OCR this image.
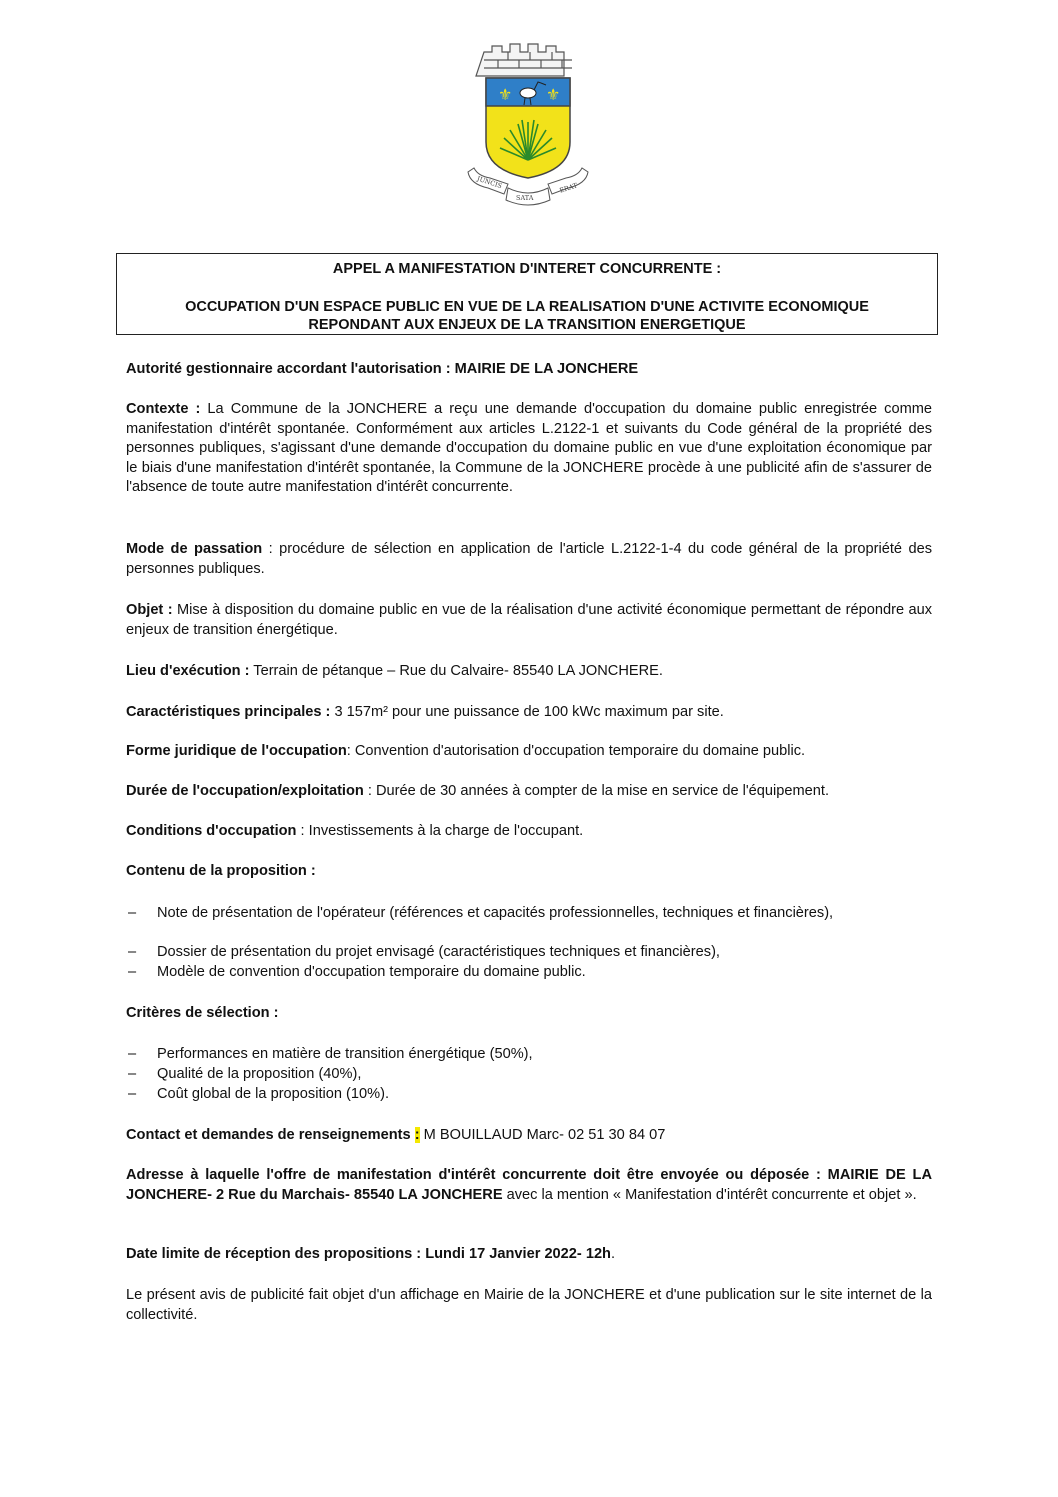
⚜ ⚜
JUNCIS
SATA
ERAT
APPEL A MANIFESTATION D'INTERET CONCURRENTE :
OCCUPATION D'UN ESPACE PUBLIC EN VUE DE LA REALISATION D'UNE ACTIVITE ECONOMIQUE
REPONDANT AUX ENJEUX DE LA TRANSITION ENERGETIQUE

Autorité gestionnaire accordant l'autorisation : MAIRIE DE LA JONCHERE

Contexte : La Commune de la JONCHERE a reçu une demande d'occupation du domaine public enregistrée comme manifestation d'intérêt spontanée. Conformément aux articles L.2122-1 et suivants du Code général de la propriété des personnes publiques, s'agissant d'une demande d'occupation du domaine public en vue d'une exploitation économique par le biais d'une manifestation d'intérêt spontanée, la Commune de la JONCHERE procède à une publicité afin de s'assurer de l'absence de toute autre manifestation d'intérêt concurrente.

Mode de passation : procédure de sélection en application de l'article L.2122-1-4 du code général de la propriété des personnes publiques.

Objet : Mise à disposition du domaine public en vue de la réalisation d'une activité économique permettant de répondre aux enjeux de transition énergétique.

Lieu d'exécution : Terrain de pétanque – Rue du Calvaire- 85540 LA JONCHERE.

Caractéristiques principales : 3 157m² pour une puissance de 100 kWc maximum par site.

Forme juridique de l'occupation: Convention d'autorisation d'occupation temporaire du domaine public.

Durée de l'occupation/exploitation : Durée de 30 années à compter de la mise en service de l'équipement.

Conditions d'occupation : Investissements à la charge de l'occupant.

Contenu de la proposition :

– Note de présentation de l'opérateur (références et capacités professionnelles, techniques et financières),
– Dossier de présentation du projet envisagé (caractéristiques techniques et financières),
– Modèle de convention d'occupation temporaire du domaine public.

Critères de sélection :

– Performances en matière de transition énergétique (50%),
– Qualité de la proposition (40%),
– Coût global de la proposition (10%).

Contact et demandes de renseignements : M BOUILLAUD Marc- 02 51 30 84 07

Adresse à laquelle l'offre de manifestation d'intérêt concurrente doit être envoyée ou déposée : MAIRIE DE LA JONCHERE- 2 Rue du Marchais- 85540 LA JONCHERE avec la mention « Manifestation d'intérêt concurrente et objet ».

Date limite de réception des propositions : Lundi 17 Janvier 2022- 12h.

Le présent avis de publicité fait objet d'un affichage en Mairie de la JONCHERE et d'une publication sur le site internet de la collectivité.
